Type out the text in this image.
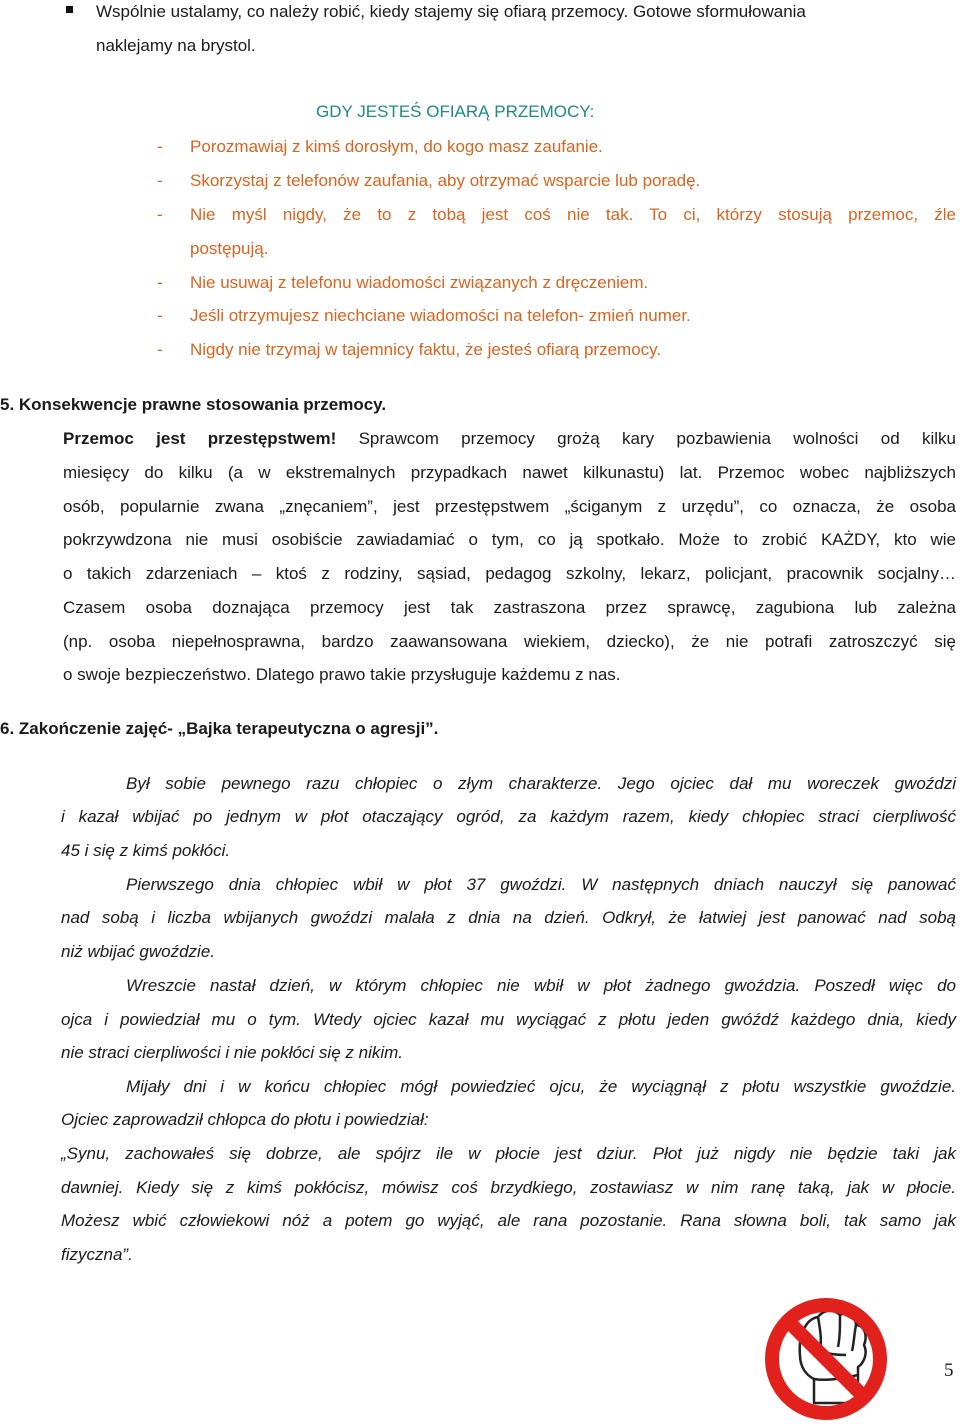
Wspólnie ustalamy, co należy robić, kiedy stajemy się ofiarą przemocy. Gotowe sformułowania
naklejamy na brystol.
GDY JESTEŚ OFIARĄ PRZEMOCY:
- Porozmawiaj z kimś dorosłym, do kogo masz zaufanie.
- Skorzystaj z telefonów zaufania, aby otrzymać wsparcie lub poradę.
- Nie myśl nigdy, że to z tobą jest coś nie tak. To ci, którzy stosują przemoc, źle
postępują.
- Nie usuwaj z telefonu wiadomości związanych z dręczeniem.
- Jeśli otrzymujesz niechciane wiadomości na telefon- zmień numer.
- Nigdy nie trzymaj w tajemnicy faktu, że jesteś ofiarą przemocy.
5. Konsekwencje prawne stosowania przemocy.
Przemoc jest przestępstwem! Sprawcom przemocy grożą kary pozbawienia wolności od kilku
miesięcy do kilku (a w ekstremalnych przypadkach nawet kilkunastu) lat. Przemoc wobec najbliższych
osób, popularnie zwana „znęcaniem”, jest przestępstwem „ściganym z urzędu”, co oznacza, że osoba
pokrzywdzona nie musi osobiście zawiadamiać o tym, co ją spotkało. Może to zrobić KAŻDY, kto wie
o takich zdarzeniach – ktoś z rodziny, sąsiad, pedagog szkolny, lekarz, policjant, pracownik socjalny…
Czasem osoba doznająca przemocy jest tak zastraszona przez sprawcę, zagubiona lub zależna
(np. osoba niepełnosprawna, bardzo zaawansowana wiekiem, dziecko), że nie potrafi zatroszczyć się
o swoje bezpieczeństwo. Dlatego prawo takie przysługuje każdemu z nas.
6. Zakończenie zajęć- „Bajka terapeutyczna o agresji”.
Był sobie pewnego razu chłopiec o złym charakterze. Jego ojciec dał mu woreczek gwoździ
i kazał wbijać po jednym w płot otaczający ogród, za każdym razem, kiedy chłopiec straci cierpliwość
45 i się z kimś pokłóci.
Pierwszego dnia chłopiec wbił w płot 37 gwoździ. W następnych dniach nauczył się panować
nad sobą i liczba wbijanych gwoździ malała z dnia na dzień. Odkrył, że łatwiej jest panować nad sobą
niż wbijać gwoździe.
Wreszcie nastał dzień, w którym chłopiec nie wbił w płot żadnego gwoździa. Poszedł więc do
ojca i powiedział mu o tym. Wtedy ojciec kazał mu wyciągać z płotu jeden gwóźdź każdego dnia, kiedy
nie straci cierpliwości i nie pokłóci się z nikim.
Mijały dni i w końcu chłopiec mógł powiedzieć ojcu, że wyciągnął z płotu wszystkie gwoździe.
Ojciec zaprowadził chłopca do płotu i powiedział:
„Synu, zachowałeś się dobrze, ale spójrz ile w płocie jest dziur. Płot już nigdy nie będzie taki jak
dawniej. Kiedy się z kimś pokłócisz, mówisz coś brzydkiego, zostawiasz w nim ranę taką, jak w płocie.
Możesz wbić człowiekowi nóż a potem go wyjąć, ale rana pozostanie. Rana słowna boli, tak samo jak
fizyczna”.
5
